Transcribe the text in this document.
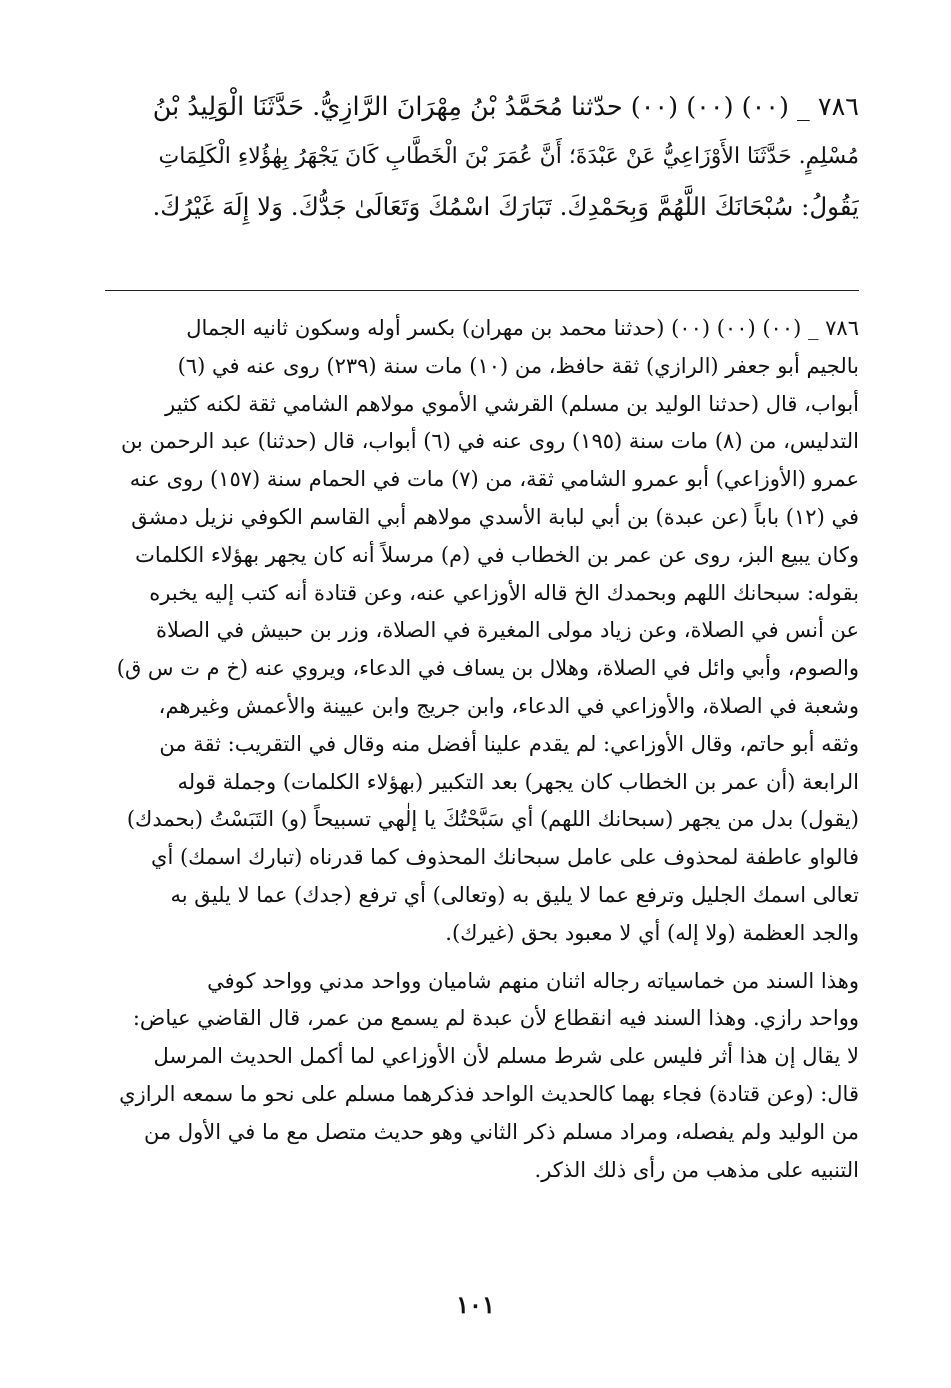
٧٨٦ _ (٠٠) (٠٠) (٠٠) حدّثنا مُحَمَّدُ بْنُ مِهْرَانَ الرَّازِيُّ. حَدَّثَنَا الْوَلِيدُ بْنُ
مُسْلِمٍ. حَدَّثَنَا الأَوْزَاعِيُّ عَنْ عَبْدَةَ؛ أَنَّ عُمَرَ بْنَ الْخَطَّابِ كَانَ يَجْهَرُ بِهٰؤُلاءِ الْكَلِمَاتِ
يَقُولُ: سُبْحَانَكَ اللَّهُمَّ وَبِحَمْدِكَ. تَبَارَكَ اسْمُكَ وَتَعَالَىٰ جَدُّكَ. وَلا إِلَهَ غَيْرُكَ.
٧٨٦ _ (٠٠) (٠٠) (٠٠) (حدثنا محمد بن مهران) بكسر أوله وسكون ثانيه الجمال
بالجيم أبو جعفر (الرازي) ثقة حافظ، من (١٠) مات سنة (٢٣٩) روى عنه في (٦)
أبواب، قال (حدثنا الوليد بن مسلم) القرشي الأموي مولاهم الشامي ثقة لكنه كثير
التدليس، من (٨) مات سنة (١٩٥) روى عنه في (٦) أبواب، قال (حدثنا) عبد الرحمن بن
عمرو (الأوزاعي) أبو عمرو الشامي ثقة، من (٧) مات في الحمام سنة (١٥٧) روى عنه
في (١٢) باباً (عن عبدة) بن أبي لبابة الأسدي مولاهم أبي القاسم الكوفي نزيل دمشق
وكان يبيع البز، روى عن عمر بن الخطاب في (م) مرسلاً أنه كان يجهر بهؤلاء الكلمات
بقوله: سبحانك اللهم وبحمدك الخ قاله الأوزاعي عنه، وعن قتادة أنه كتب إليه يخبره
عن أنس في الصلاة، وعن زياد مولى المغيرة في الصلاة، وزر بن حبيش في الصلاة
والصوم، وأبي وائل في الصلاة، وهلال بن يساف في الدعاء، ويروي عنه (خ م ت س ق)
وشعبة في الصلاة، والأوزاعي في الدعاء، وابن جريج وابن عيينة والأعمش وغيرهم،
وثقه أبو حاتم، وقال الأوزاعي: لم يقدم علينا أفضل منه وقال في التقريب: ثقة من
الرابعة (أن عمر بن الخطاب كان يجهر) بعد التكبير (بهؤلاء الكلمات) وجملة قوله
(يقول) بدل من يجهر (سبحانك اللهم) أي سَبَّحْتُكَ يا إلٰهي تسبيحاً (و) التَبَسْتُ (بحمدك)
فالواو عاطفة لمحذوف على عامل سبحانك المحذوف كما قدرناه (تبارك اسمك) أي
تعالى اسمك الجليل وترفع عما لا يليق به (وتعالى) أي ترفع (جدك) عما لا يليق به
والجد العظمة (ولا إله) أي لا معبود بحق (غيرك).
وهذا السند من خماسياته رجاله اثنان منهم شاميان وواحد مدني وواحد كوفي
وواحد رازي. وهذا السند فيه انقطاع لأن عبدة لم يسمع من عمر، قال القاضي عياض:
لا يقال إن هذا أثر فليس على شرط مسلم لأن الأوزاعي لما أكمل الحديث المرسل
قال: (وعن قتادة) فجاء بهما كالحديث الواحد فذكرهما مسلم على نحو ما سمعه الرازي
من الوليد ولم يفصله، ومراد مسلم ذكر الثاني وهو حديث متصل مع ما في الأول من
التنبيه على مذهب من رأى ذلك الذكر.
١٠١
